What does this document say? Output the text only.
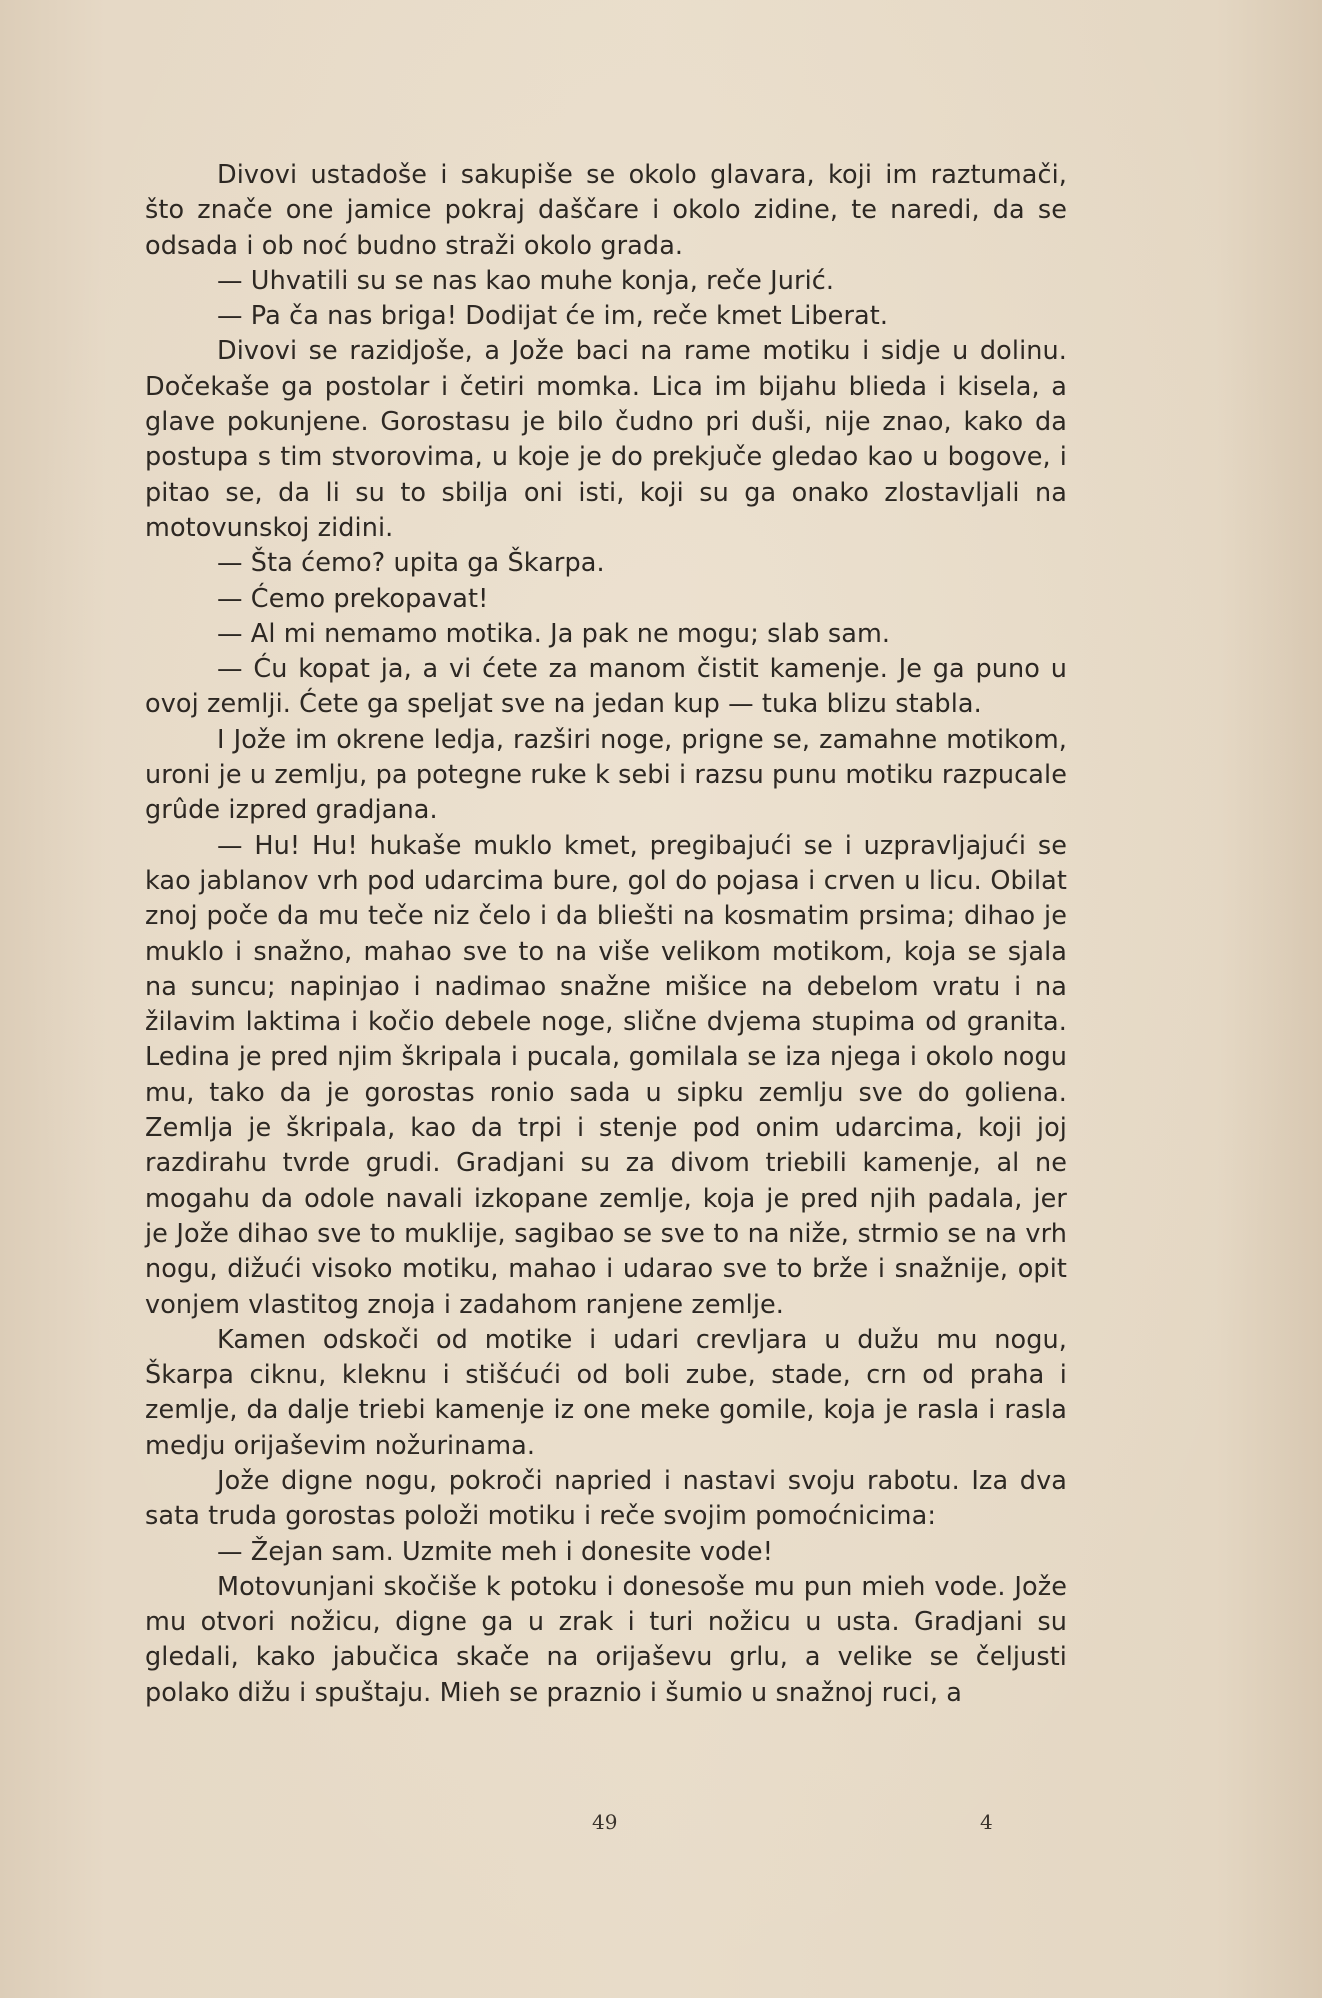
Divovi ustadoše i sakupiše se okolo glavara, koji im raztumači, što znače one jamice pokraj daščare i okolo zidine, te naredi, da se odsada i ob noć budno straži okolo grada.

— Uhvatili su se nas kao muhe konja, reče Jurić.

— Pa ča nas briga! Dodijat će im, reče kmet Liberat.

Divovi se razidjoše, a Jože baci na rame motiku i sidje u dolinu. Dočekaše ga postolar i četiri momka. Lica im bijahu blieda i kisela, a glave pokunjene. Gorostasu je bilo čudno pri duši, nije znao, kako da postupa s tim stvorovima, u koje je do prekjuče gledao kao u bogove, i pitao se, da li su to sbilja oni isti, koji su ga onako zlostavljali na motovunskoj zidini.

— Šta ćemo? upita ga Škarpa.

— Ćemo prekopavat!

— Al mi nemamo motika. Ja pak ne mogu; slab sam.

— Ću kopat ja, a vi ćete za manom čistit kamenje. Je ga puno u ovoj zemlji. Ćete ga speljat sve na jedan kup — tuka blizu stabla.

I Jože im okrene ledja, razširi noge, prigne se, zamahne motikom, uroni je u zemlju, pa potegne ruke k sebi i razsu punu motiku razpucale grûde izpred gradjana.

— Hu! Hu! hukaše muklo kmet, pregibajući se i uzpravljajući se kao jablanov vrh pod udarcima bure, gol do pojasa i crven u licu. Obilat znoj poče da mu teče niz čelo i da bliešti na kosmatim prsima; dihao je muklo i snažno, mahao sve to na više velikom motikom, koja se sjala na suncu; napinjao i nadimao snažne mišice na debelom vratu i na žilavim laktima i kočio debele noge, slične dvjema stupima od granita. Ledina je pred njim škripala i pucala, gomilala se iza njega i okolo nogu mu, tako da je gorostas ronio sada u sipku zemlju sve do goliena. Zemlja je škripala, kao da trpi i stenje pod onim udarcima, koji joj razdirahu tvrde grudi. Gradjani su za divom triebili kamenje, al ne mogahu da odole navali izkopane zemlje, koja je pred njih padala, jer je Jože dihao sve to muklije, sagibao se sve to na niže, strmio se na vrh nogu, dižući visoko motiku, mahao i udarao sve to brže i snažnije, opit vonjem vlastitog znoja i zadahom ranjene zemlje.

Kamen odskoči od motike i udari crevljara u dužu mu nogu, Škarpa ciknu, kleknu i stišćući od boli zube, stade, crn od praha i zemlje, da dalje triebi kamenje iz one meke gomile, koja je rasla i rasla medju orijaševim nožurinama.

Jože digne nogu, pokroči napried i nastavi svoju rabotu. Iza dva sata truda gorostas položi motiku i reče svojim pomoćnicima:

— Žejan sam. Uzmite meh i donesite vode!

Motovunjani skočiše k potoku i donesoše mu pun mieh vode. Jože mu otvori nožicu, digne ga u zrak i turi nožicu u usta. Gradjani su gledali, kako jabučica skače na orijaševu grlu, a velike se čeljusti polako dižu i spuštaju. Mieh se praznio i šumio u snažnoj ruci, a

49	4
